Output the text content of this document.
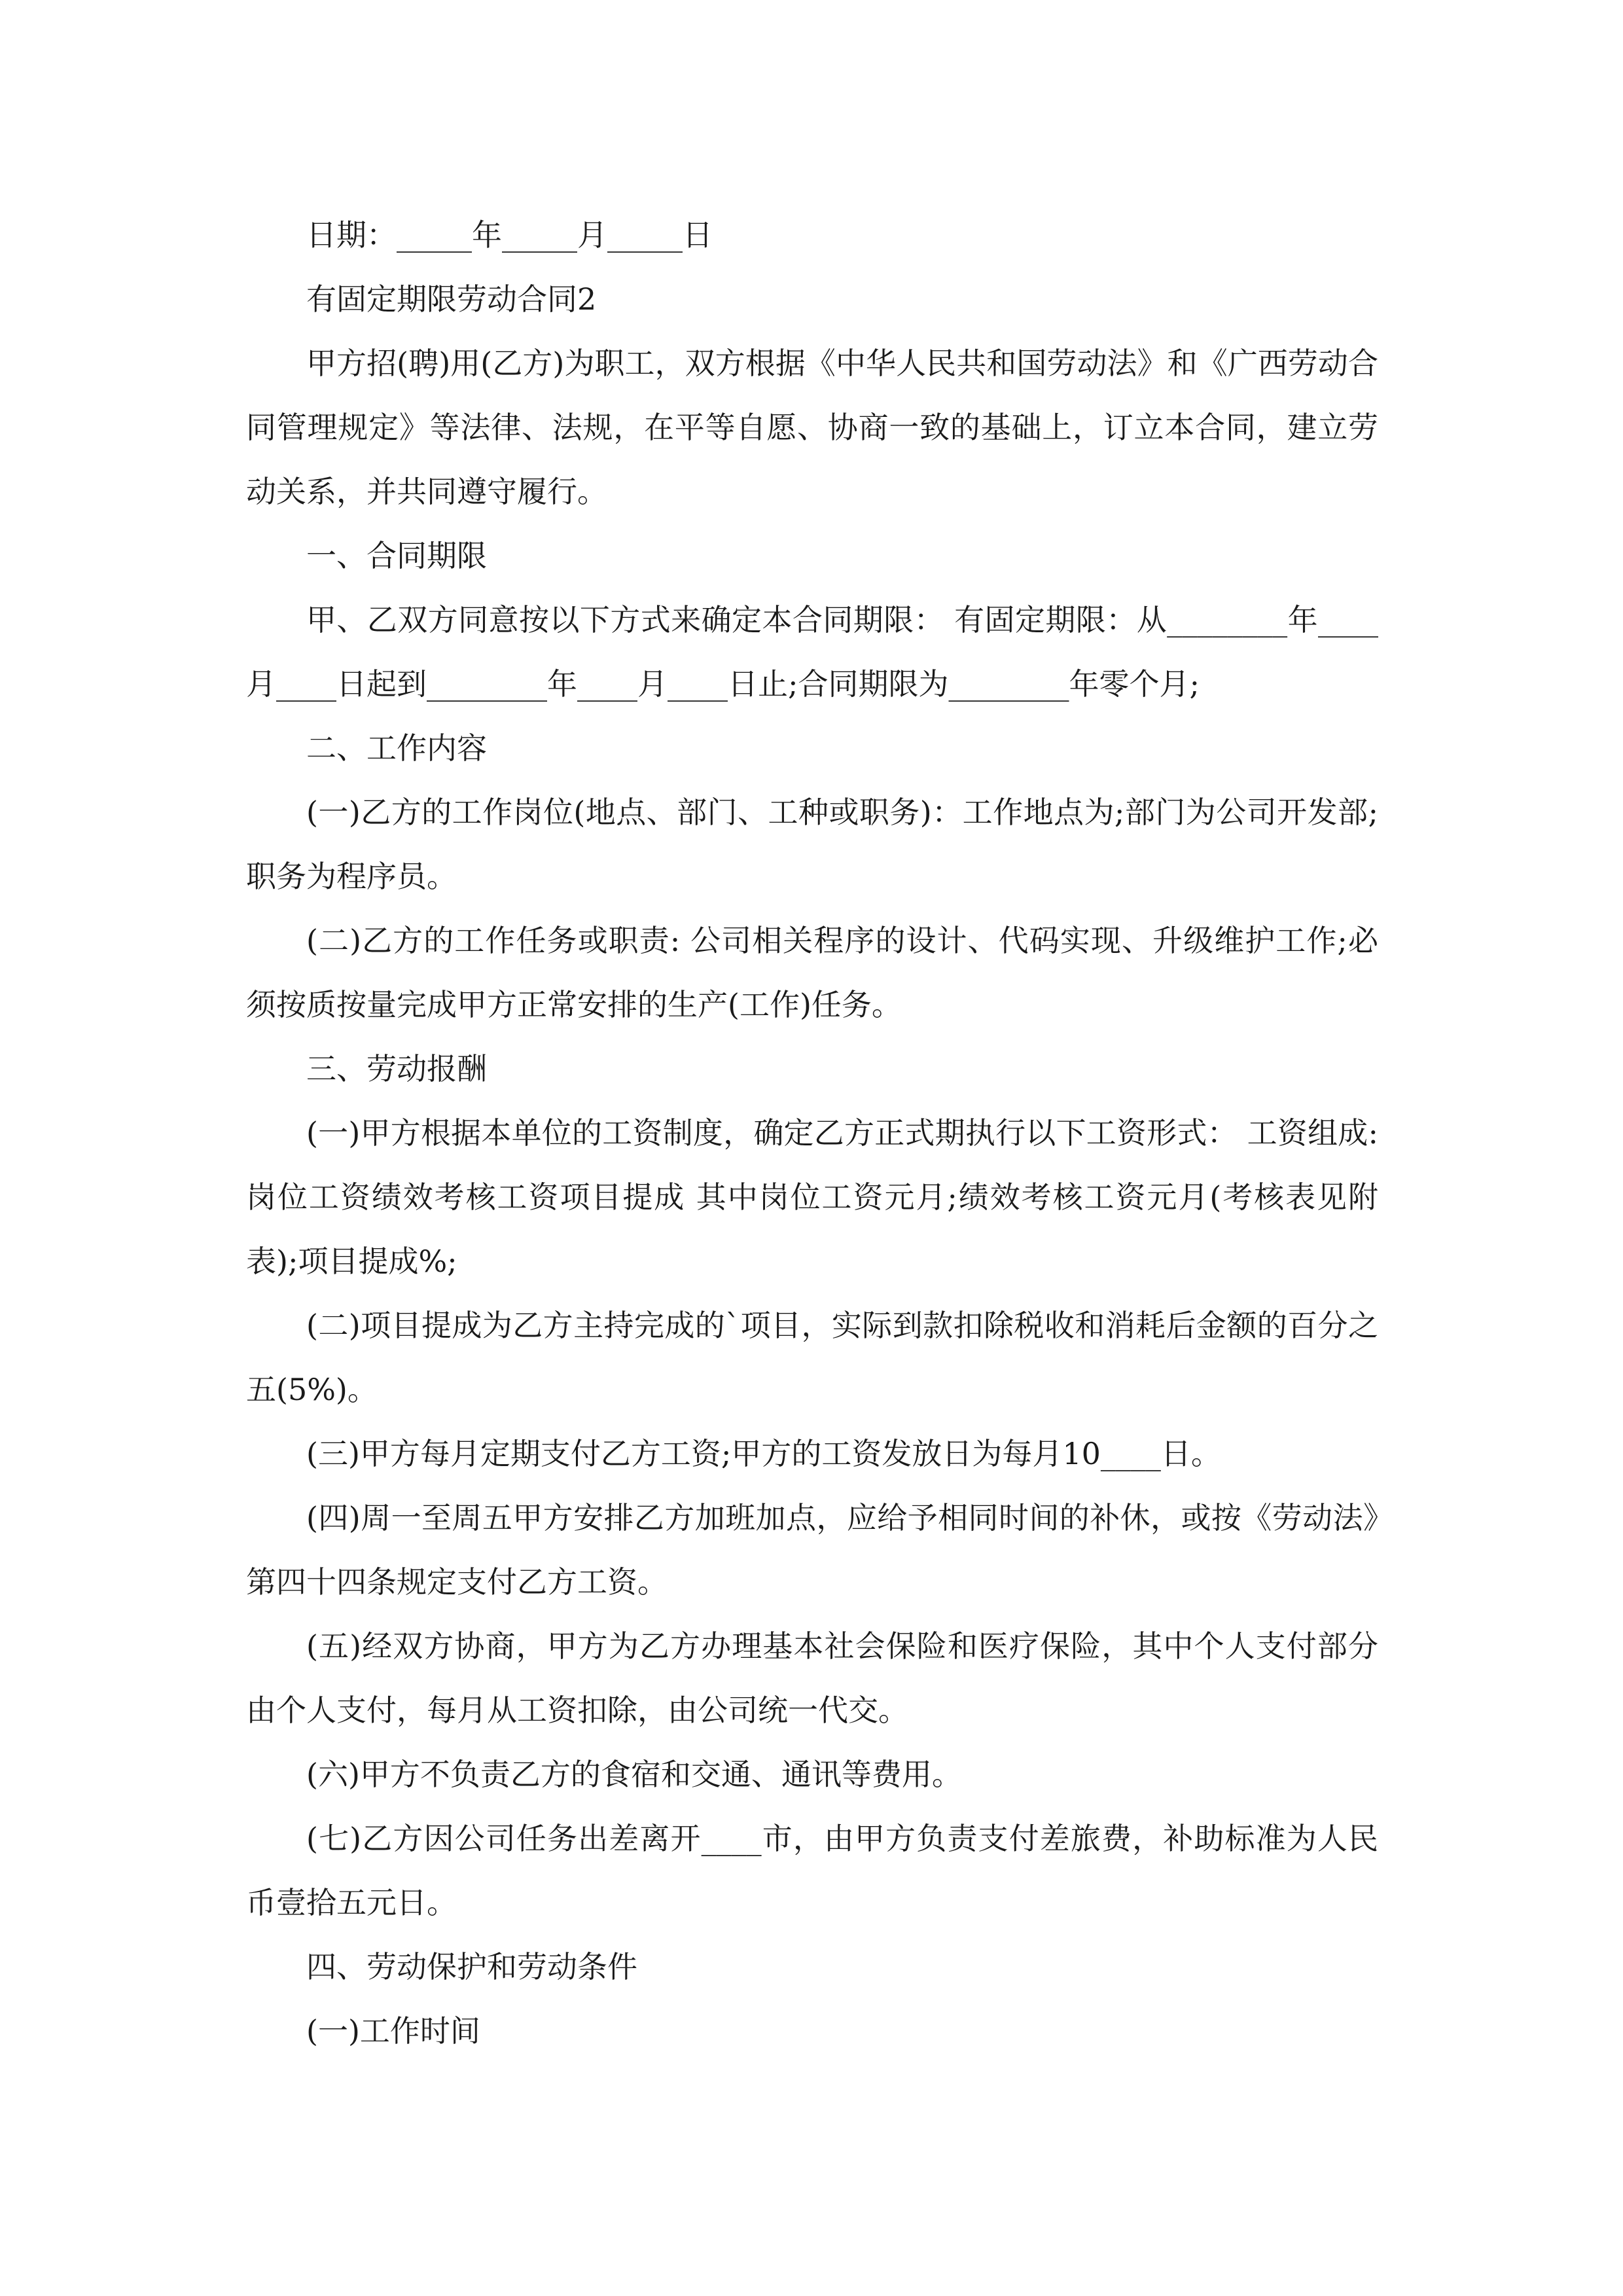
日期：_____年_____月_____日

有固定期限劳动合同2

甲方招(聘)用(乙方)为职工，双方根据《中华人民共和国劳动法》和《广西劳动合同管理规定》等法律、法规，在平等自愿、协商一致的基础上，订立本合同，建立劳动关系，并共同遵守履行。

一、合同期限

甲、乙双方同意按以下方式来确定本合同期限： 有固定期限：从________年____月____日起到________年____月____日止;合同期限为________年零个月;

二、工作内容

(一)乙方的工作岗位(地点、部门、工种或职务)：工作地点为;部门为公司开发部;职务为程序员。

(二)乙方的工作任务或职责: 公司相关程序的设计、代码实现、升级维护工作;必须按质按量完成甲方正常安排的生产(工作)任务。

三、劳动报酬

(一)甲方根据本单位的工资制度，确定乙方正式期执行以下工资形式： 工资组成: 岗位工资绩效考核工资项目提成 其中岗位工资元月;绩效考核工资元月(考核表见附表);项目提成%;

(二)项目提成为乙方主持完成的`项目，实际到款扣除税收和消耗后金额的百分之五(5%)。

(三)甲方每月定期支付乙方工资;甲方的工资发放日为每月10____日。

(四)周一至周五甲方安排乙方加班加点，应给予相同时间的补休，或按《劳动法》第四十四条规定支付乙方工资。

(五)经双方协商，甲方为乙方办理基本社会保险和医疗保险，其中个人支付部分由个人支付，每月从工资扣除，由公司统一代交。

(六)甲方不负责乙方的食宿和交通、通讯等费用。

(七)乙方因公司任务出差离开____市，由甲方负责支付差旅费，补助标准为人民币壹拾五元日。

四、劳动保护和劳动条件

(一)工作时间
